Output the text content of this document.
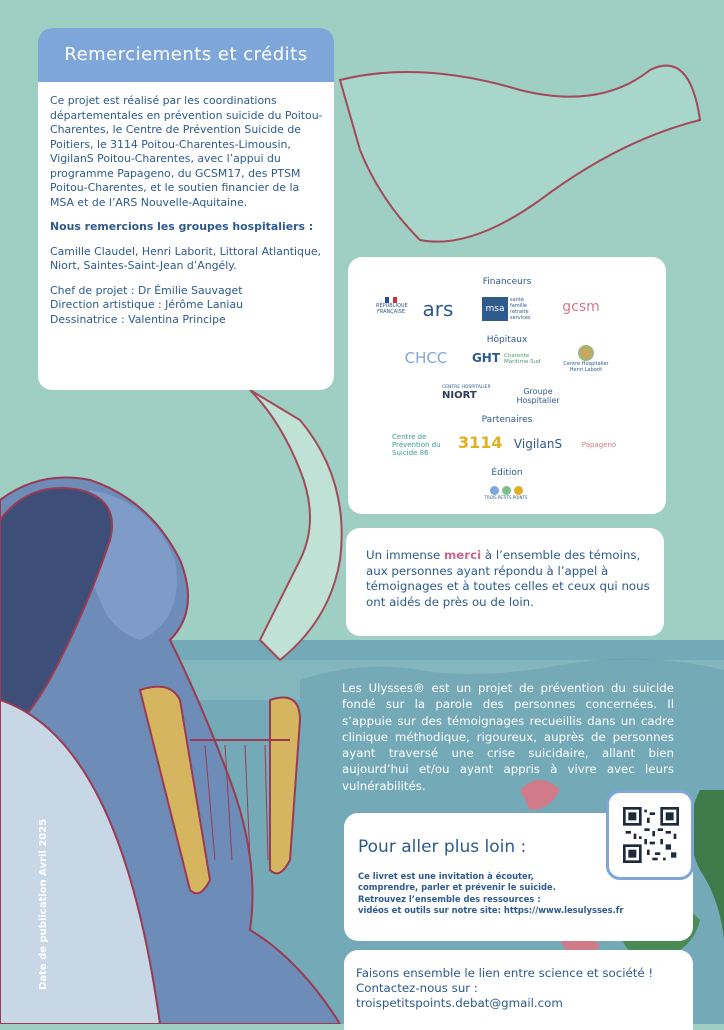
Remerciements et crédits

Ce projet est réalisé par les coordinations départementales en prévention suicide du Poitou-Charentes, le Centre de Prévention Suicide de Poitiers, le 3114 Poitou-Charentes-Limousin, VigilanS Poitou-Charentes, avec l’appui du programme Papageno, du GCSM17, des PTSM Poitou-Charentes, et le soutien financier de la MSA et de l’ARS Nouvelle-Aquitaine.

Nous remercions les groupes hospitaliers :

Camille Claudel, Henri Laborit, Littoral Atlantique, Niort, Saintes-Saint-Jean d’Angély.

Chef de projet : Dr Émilie Sauvaget

Direction artistique : Jérôme Laniau

Dessinatrice : Valentina Principe

Financeurs
RÉPUBLIQUE FRANÇAISE ars	msa
santé famille retraite services
gcsm
Hôpitaux
CHCC	GHT Charente Maritime Sud	Centre Hospitalier Henri Laborit
CENTRE HOSPITALIER
NIORT	Groupe Hospitalier
Partenaires
Centre de Prévention du Suicide 86
3114 VigilanS	Papageno
Édition
TROIS PETITS POINTS
Un immense merci à l’ensemble des témoins, aux personnes ayant répondu à l’appel à témoignages et à toutes celles et ceux qui nous ont aidés de près ou de loin.
Les Ulysses® est un projet de prévention du suicide fondé sur la parole des personnes concernées. Il s’appuie sur des témoignages recueillis dans un cadre clinique méthodique, rigoureux, auprès de personnes ayant traversé une crise suicidaire, allant bien aujourd’hui et/ou ayant appris à vivre avec leurs vulnérabilités.
Pour aller plus loin :
Ce livret est une invitation à écouter,
comprendre, parler et prévenir le suicide.
Retrouvez l’ensemble des ressources :
vidéos et outils sur notre site: https://www.lesulysses.fr
Faisons ensemble le lien entre science et société !
Contactez-nous sur :
troispetitspoints.debat@gmail.com
Date de publication Avril 2025
